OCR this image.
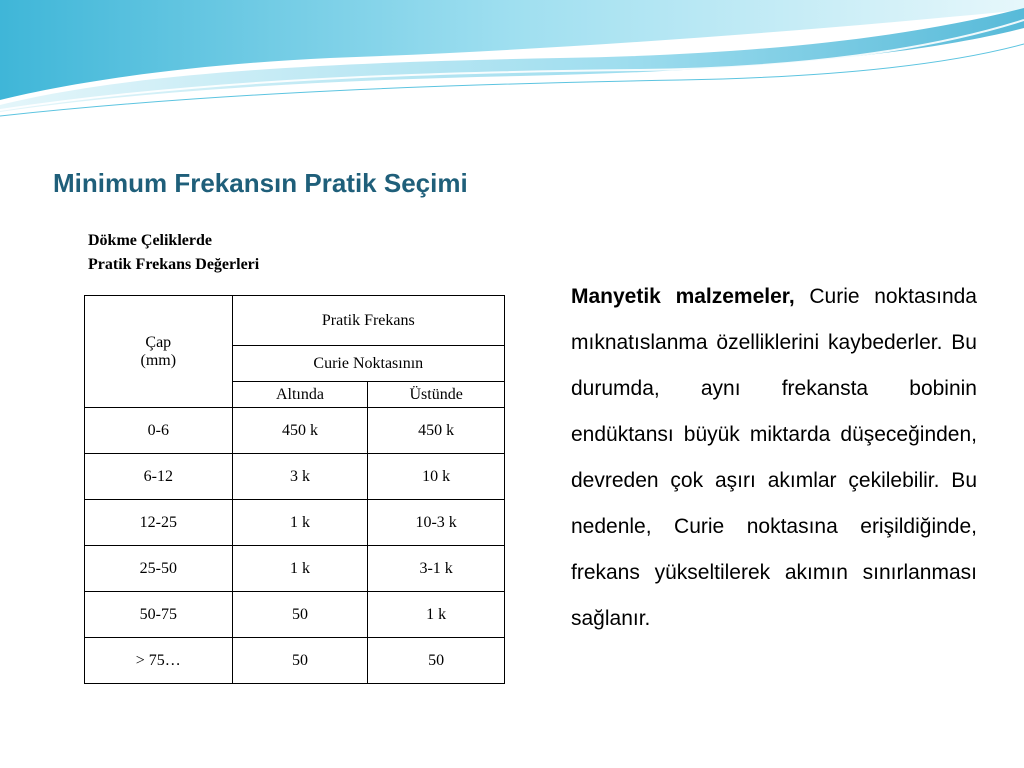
Minimum Frekansın Pratik Seçimi
Dökme Çeliklerde
Pratik Frekans Değerleri
Çap
(mm)	Pratik Frekans	
	Curie Noktasının	
	Altında	Üstünde
0-6	450 k	450 k
6-12	3 k	10 k
12-25	1 k	10-3 k
25-50	1 k	3-1 k
50-75	50	1 k
> 75…	50	50
Manyetik malzemeler, Curie noktasında mıknatıslanma özelliklerini kaybederler. Bu durumda, aynı frekansta bobinin endüktansı büyük miktarda düşeceğinden, devreden çok aşırı akımlar çekilebilir. Bu nedenle, Curie noktasına erişildiğinde, frekans yükseltilerek akımın sınırlanması sağlanır.
